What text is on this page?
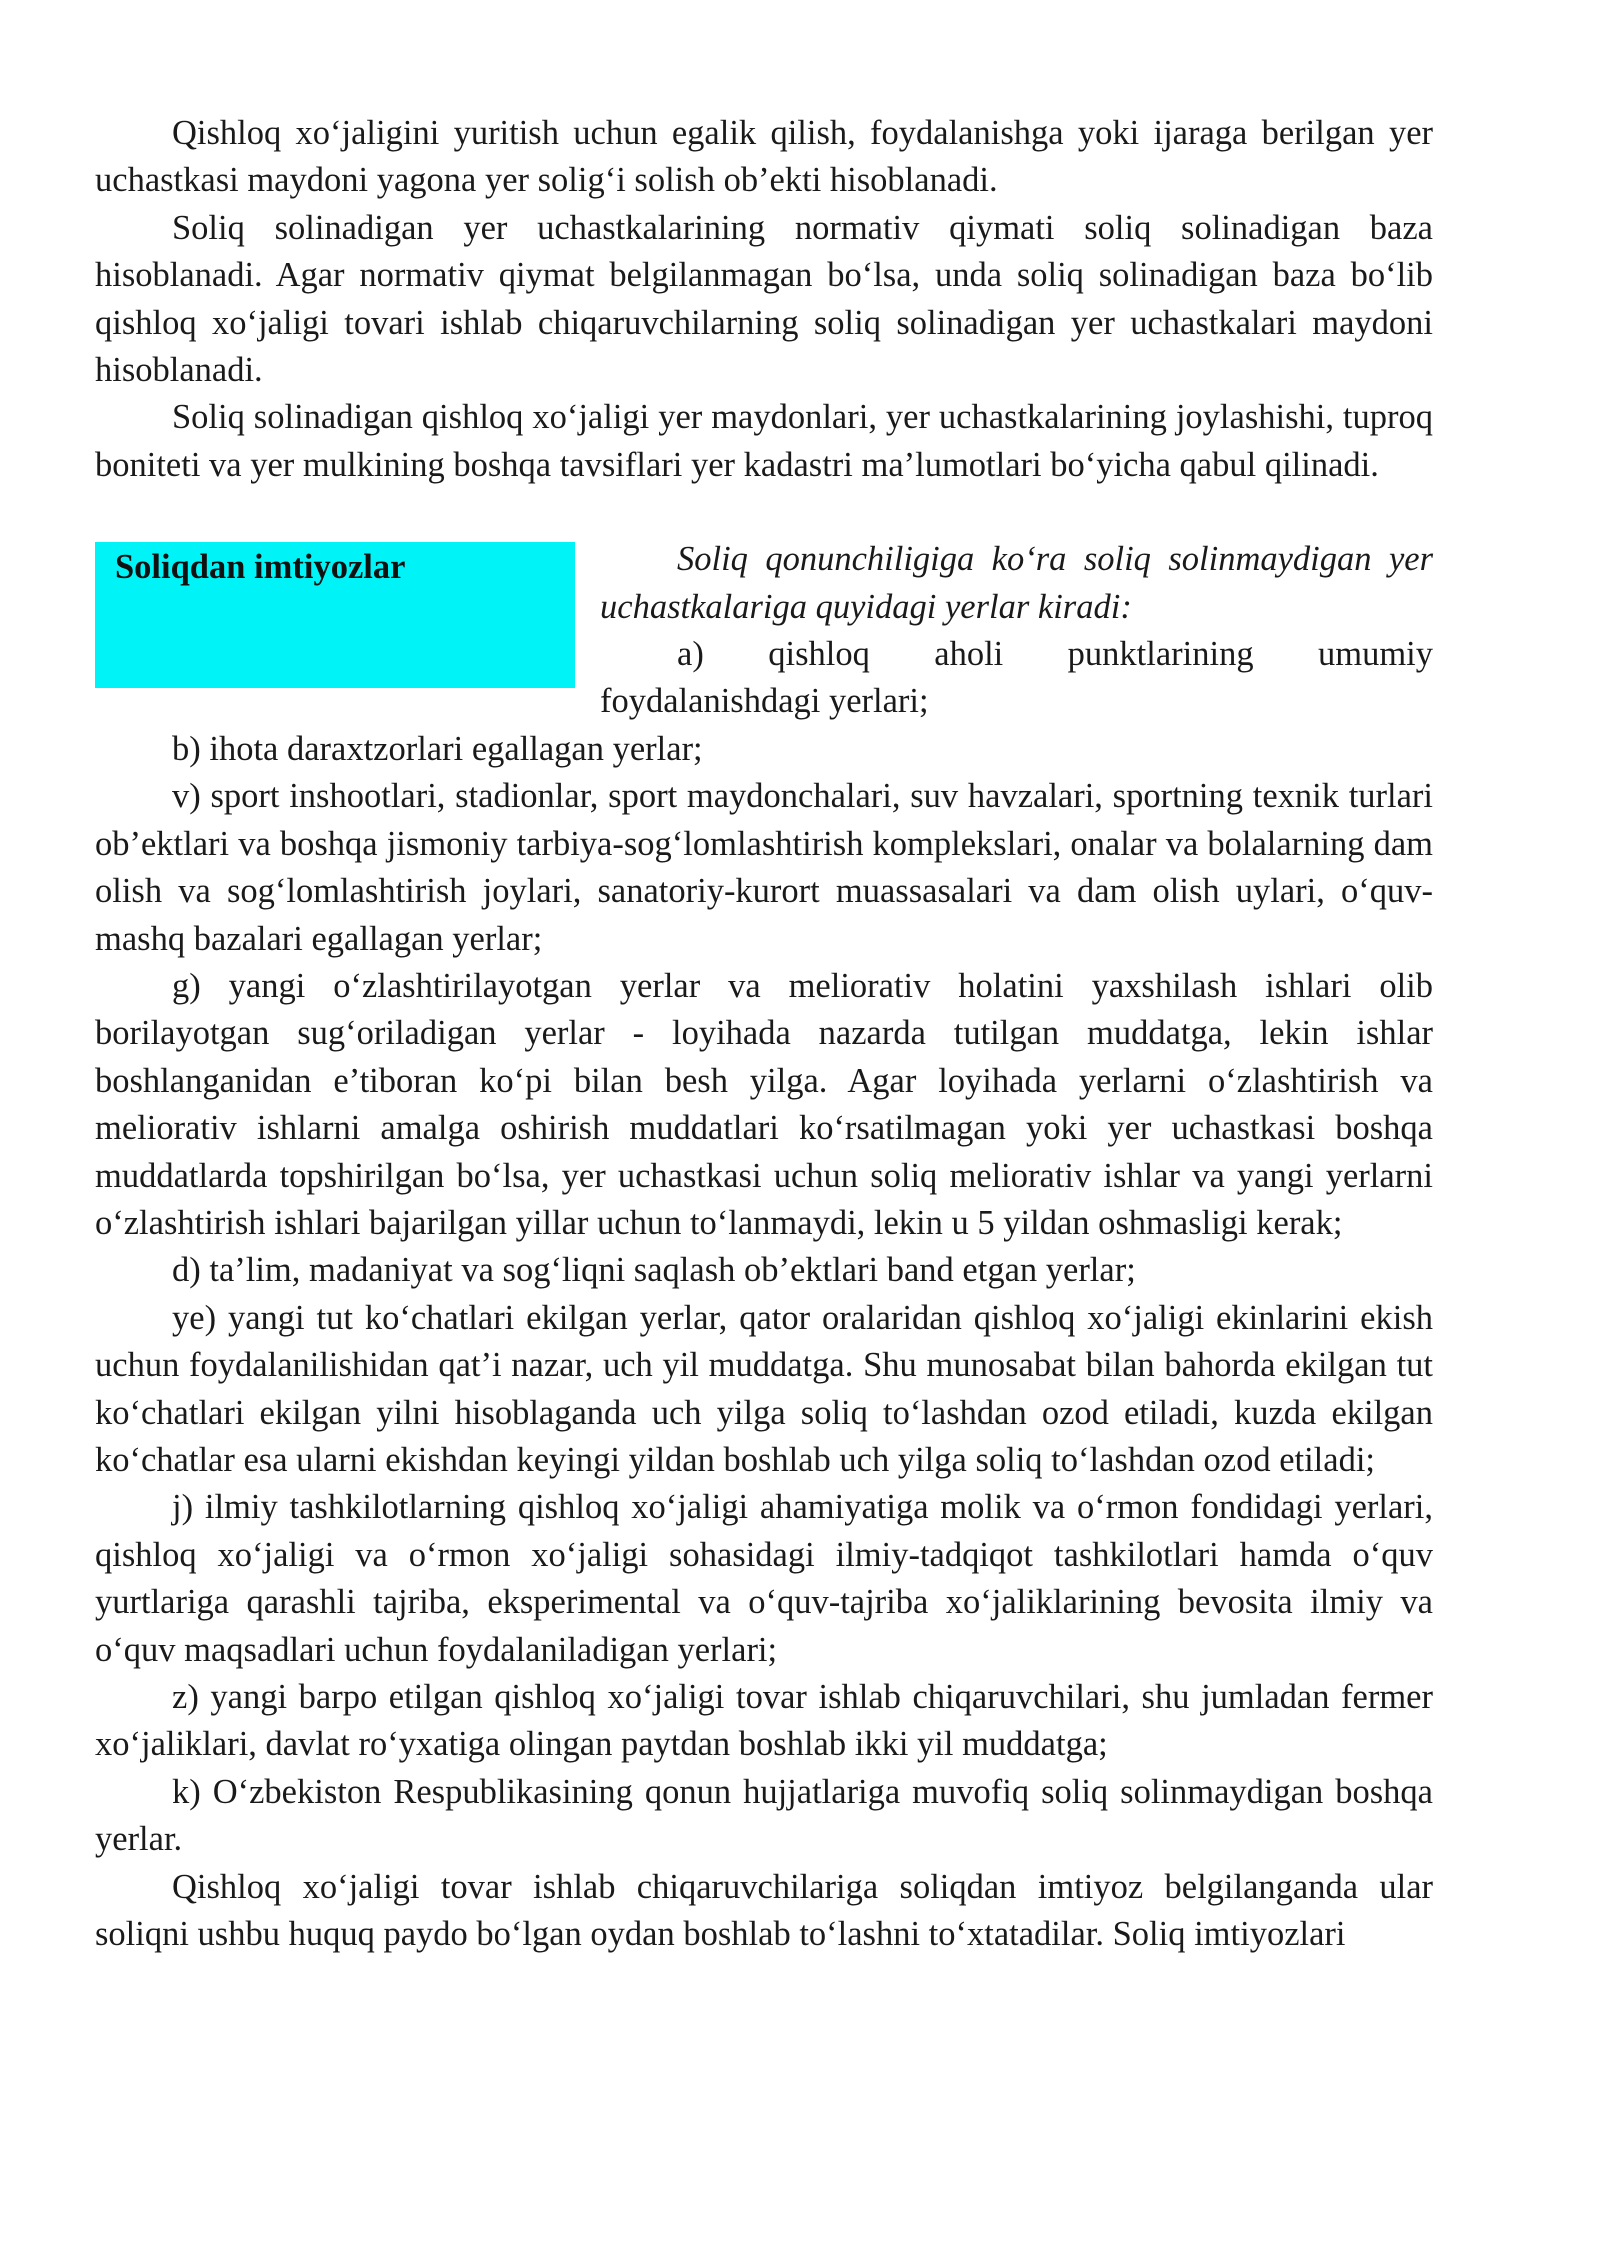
Qishloq xo‘jaligini yuritish uchun egalik qilish, foydalanishga yoki ijaraga berilgan yer uchastkasi maydoni yagona yer solig‘i solish ob’ekti hisoblanadi.

Soliq solinadigan yer uchastkalarining normativ qiymati soliq solinadigan baza hisoblanadi. Agar normativ qiymat belgilanmagan bo‘lsa, unda soliq solinadigan baza bo‘lib qishloq xo‘jaligi tovari ishlab chiqaruvchilarning soliq solinadigan yer uchastkalari maydoni hisoblanadi.

Soliq solinadigan qishloq xo‘jaligi yer maydonlari, yer uchastkalarining joylashishi, tuproq boniteti va yer mulkining boshqa tavsiflari yer kadastri ma’lumotlari bo‘yicha qabul qilinadi.

Soliqdan imtiyozlar	Soliq qonunchiligiga ko‘ra soliq solinmaydigan yer uchastkalariga quyidagi yerlar kiradi:

a) qishloq aholi punktlarining umumiy foydalanishdagi yerlari;

b) ihota daraxtzorlari egallagan yerlar;

v) sport inshootlari, stadionlar, sport maydonchalari, suv havzalari, sportning texnik turlari ob’ektlari va boshqa jismoniy tarbiya-sog‘lomlashtirish komplekslari, onalar va bolalarning dam olish va sog‘lomlashtirish joylari, sanatoriy-kurort muassasalari va dam olish uylari, o‘quv-mashq bazalari egallagan yerlar;

g) yangi o‘zlashtirilayotgan yerlar va meliorativ holatini yaxshilash ishlari olib borilayotgan sug‘oriladigan yerlar - loyihada nazarda tutilgan muddatga, lekin ishlar boshlanganidan e’tiboran ko‘pi bilan besh yilga. Agar loyihada yerlarni o‘zlashtirish va meliorativ ishlarni amalga oshirish muddatlari ko‘rsatilmagan yoki yer uchastkasi boshqa muddatlarda topshirilgan bo‘lsa, yer uchastkasi uchun soliq meliorativ ishlar va yangi yerlarni o‘zlashtirish ishlari bajarilgan yillar uchun to‘lanmaydi, lekin u 5 yildan oshmasligi kerak;

d) ta’lim, madaniyat va sog‘liqni saqlash ob’ektlari band etgan yerlar;

ye) yangi tut ko‘chatlari ekilgan yerlar, qator oralaridan qishloq xo‘jaligi ekinlarini ekish uchun foydalanilishidan qat’i nazar, uch yil muddatga. Shu munosabat bilan bahorda ekilgan tut ko‘chatlari ekilgan yilni hisoblaganda uch yilga soliq to‘lashdan ozod etiladi, kuzda ekilgan ko‘chatlar esa ularni ekishdan keyingi yildan boshlab uch yilga soliq to‘lashdan ozod etiladi;

j) ilmiy tashkilotlarning qishloq xo‘jaligi ahamiyatiga molik va o‘rmon fondidagi yerlari, qishloq xo‘jaligi va o‘rmon xo‘jaligi sohasidagi ilmiy-tadqiqot tashkilotlari hamda o‘quv yurtlariga qarashli tajriba, eksperimental va o‘quv-tajriba xo‘jaliklarining bevosita ilmiy va o‘quv maqsadlari uchun foydalaniladigan yerlari;

z) yangi barpo etilgan qishloq xo‘jaligi tovar ishlab chiqaruvchilari, shu jumladan fermer xo‘jaliklari, davlat ro‘yxatiga olingan paytdan boshlab ikki yil muddatga;

k) O‘zbekiston Respublikasining qonun hujjatlariga muvofiq soliq solinmaydigan boshqa yerlar.

Qishloq xo‘jaligi tovar ishlab chiqaruvchilariga soliqdan imtiyoz belgilanganda ular soliqni ushbu huquq paydo bo‘lgan oydan boshlab to‘lashni to‘xtatadilar. Soliq imtiyozlari
